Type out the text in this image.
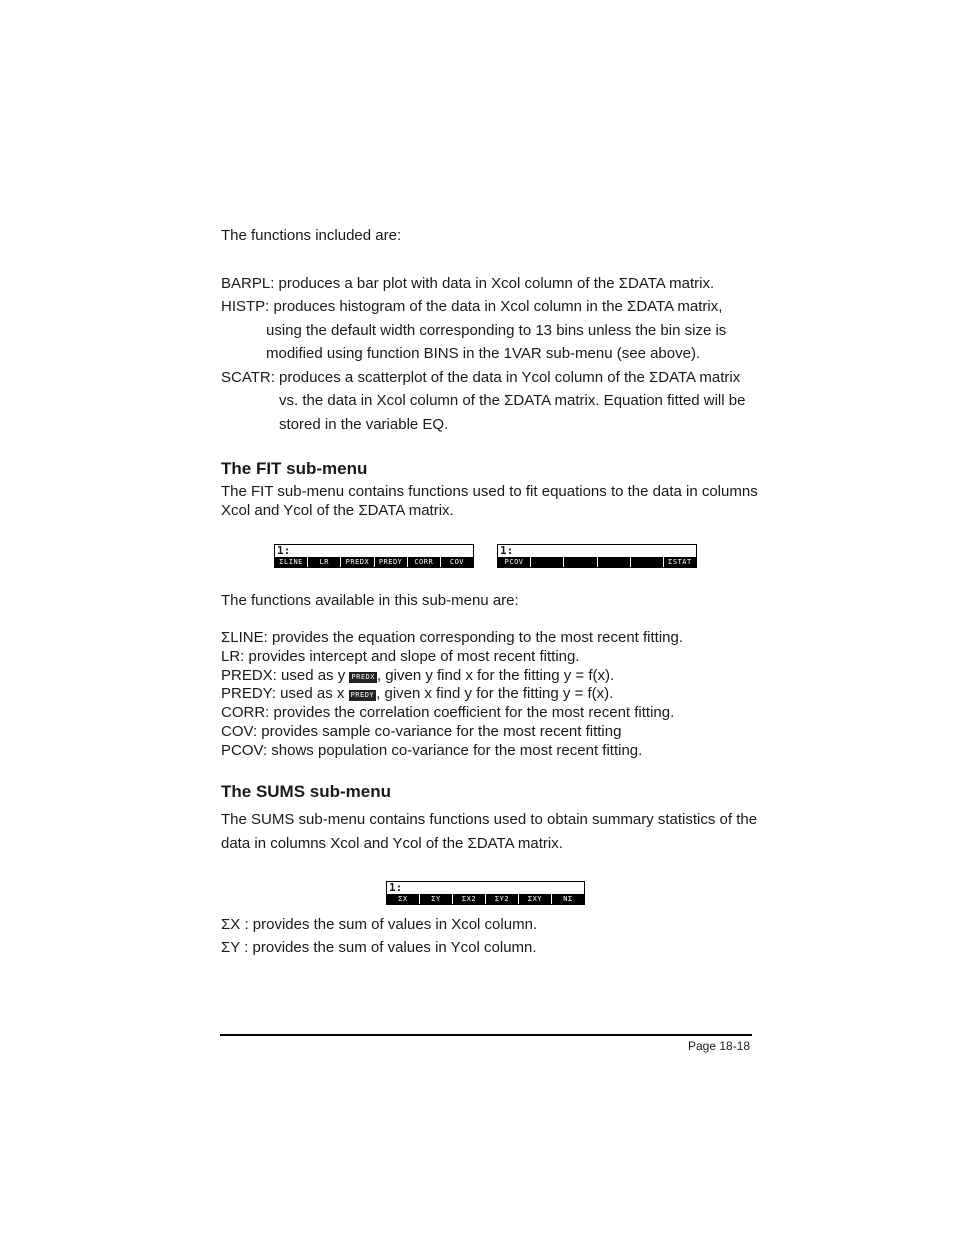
The functions included are:
BARPL: produces a bar plot with data in Xcol column of the ΣDATA matrix.
HISTP: produces histogram of the data in Xcol column in the ΣDATA matrix,
using the default width corresponding to 13 bins unless the bin size is
modified using function BINS in the 1VAR sub-menu (see above).
SCATR: produces a scatterplot of the data in Ycol column of the ΣDATA matrix
vs. the data in Xcol column of the ΣDATA matrix. Equation fitted will be
stored in the variable EQ.
The FIT sub-menu
The FIT sub-menu contains functions used to fit equations to the data in columns
Xcol and Ycol of the ΣDATA matrix.
1:
ΣLINE	LR	PREDX	PREDY	CORR	COV
1:
PCOV	ΣSTAT
The functions available in this sub-menu are:
ΣLINE: provides the equation corresponding to the most recent fitting.
LR: provides intercept and slope of most recent fitting.
PREDX: used as y PREDX , given y find x for the fitting y = f(x).
PREDY: used as x PREDY , given x find y for the fitting y = f(x).
CORR: provides the correlation coefficient for the most recent fitting.
COV: provides sample co-variance for the most recent fitting
PCOV: shows population co-variance for the most recent fitting.
The SUMS sub-menu
The SUMS sub-menu contains functions used to obtain summary statistics of the
data in columns Xcol and Ycol of the ΣDATA matrix.
1:
ΣX	ΣY	ΣX2	ΣY2	ΣXY	NΣ
ΣX : provides the sum of values in Xcol column.
ΣY : provides the sum of values in Ycol column.
Page 18-18
